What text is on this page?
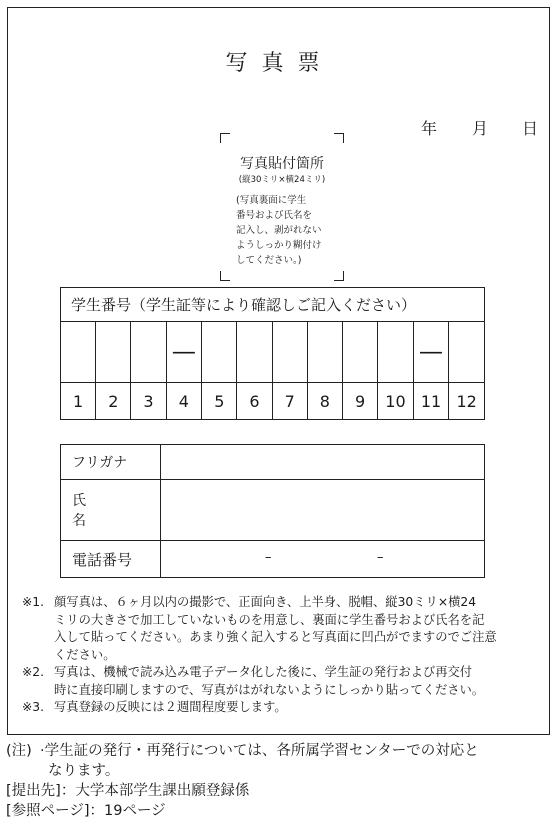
写真票
年 月 日
写真貼付箇所
(縦30ミリ×横24ミリ)
(写真裏面に学生
番号および氏名を
記入し、剥がれない
ようしっかり糊付け
してください。)
学生番号（学生証等により確認しご記入ください）											
			―							―	
1	2	3	4	5	6	7	8	9	10	11	12
フリガナ	
氏　名	
電話番号	– –
※1. 顔写真は、６ヶ月以内の撮影で、正面向き、上半身、脱帽、縦30ミリ×横24
ミリの大きさで加工していないものを用意し、裏面に学生番号および氏名を記
入して貼ってください。あまり強く記入すると写真面に凹凸がでますのでご注意
ください。
※2. 写真は、機械で読み込み電子データ化した後に、学生証の発行および再交付
時に直接印刷しますので、写真がはがれないようにしっかり貼ってください。
※3. 写真登録の反映には２週間程度要します。
(注) ·学生証の発行・再発行については、各所属学習センターでの対応と
なります。
[提出先]：大学本部学生課出願登録係
[参照ページ]：19ページ
